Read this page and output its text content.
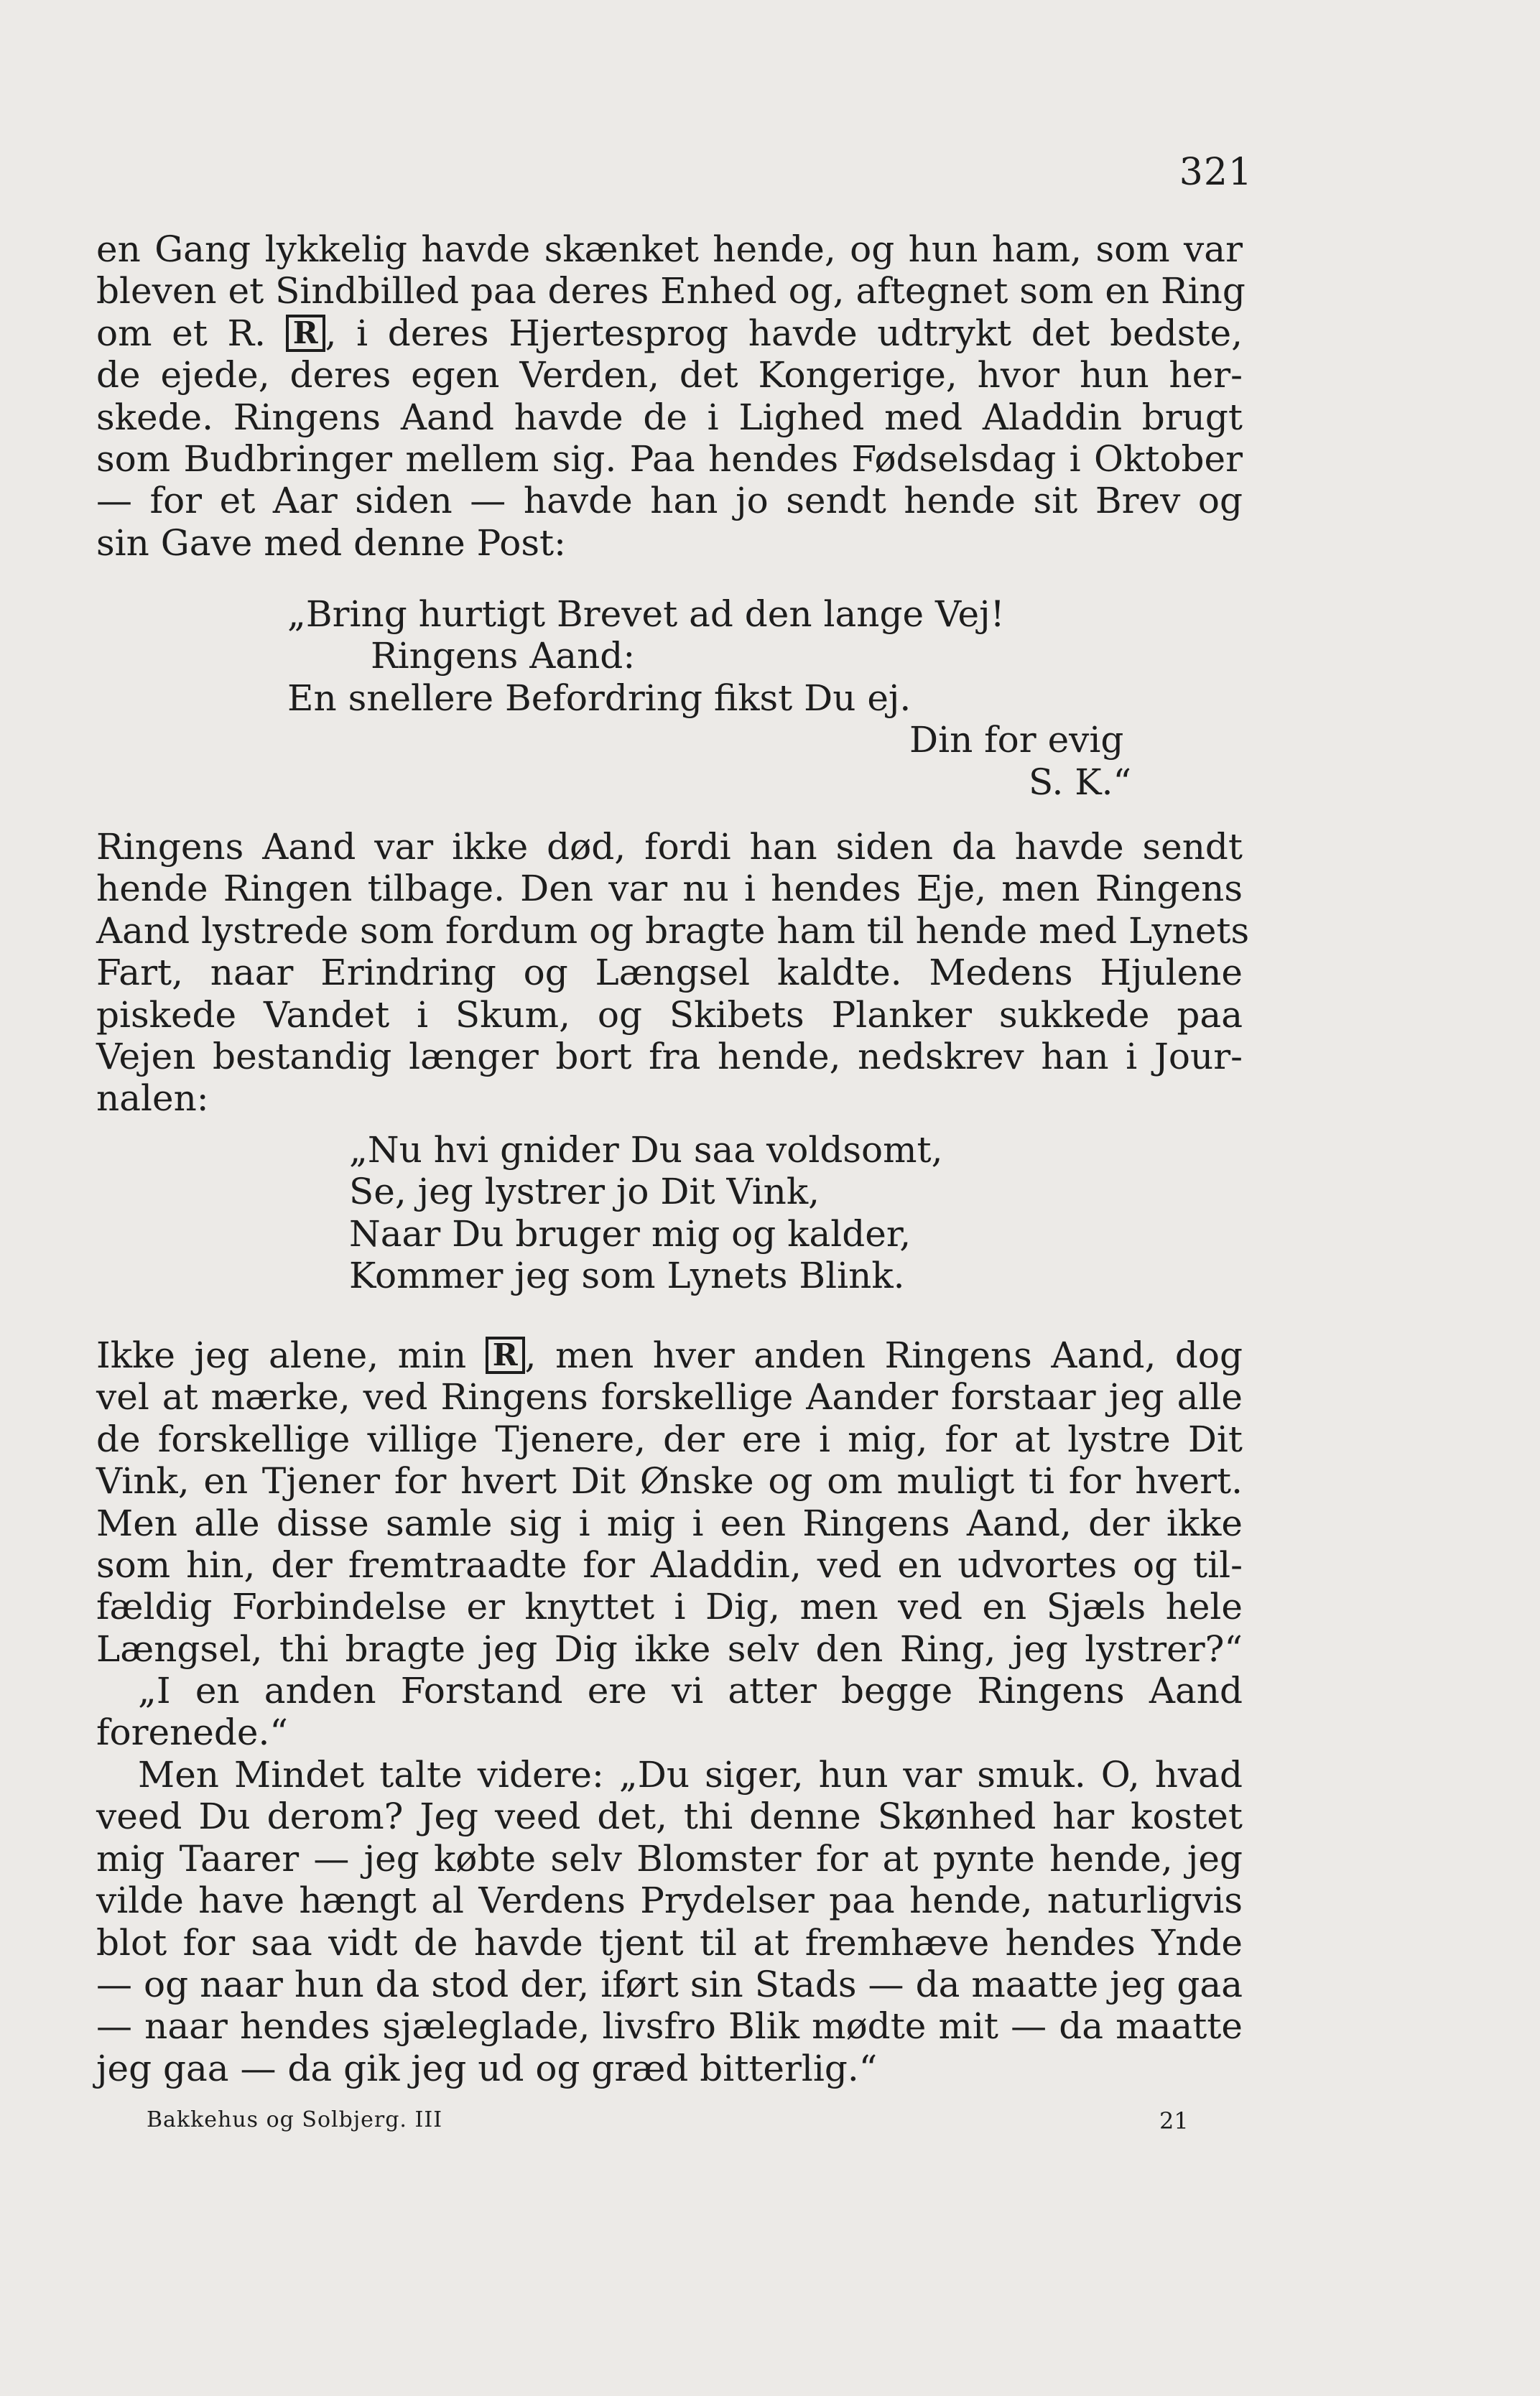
321
en Gang lykkelig havde skænket hende, og hun ham, som var
bleven et Sindbilled paa deres Enhed og, aftegnet som en Ring
om et R. R , i deres Hjertesprog havde udtrykt det bedste,
de ejede, deres egen Verden, det Kongerige, hvor hun her-
skede. Ringens Aand havde de i Lighed med Aladdin brugt
som Budbringer mellem sig. Paa hendes Fødselsdag i Oktober
— for et Aar siden — havde han jo sendt hende sit Brev og
sin Gave med denne Post:
„Bring hurtigt Brevet ad den lange Vej!
Ringens Aand:
En snellere Befordring fikst Du ej.
Din for evig
S. K.“
Ringens Aand var ikke død, fordi han siden da havde sendt
hende Ringen tilbage. Den var nu i hendes Eje, men Ringens
Aand lystrede som fordum og bragte ham til hende med Lynets
Fart, naar Erindring og Længsel kaldte. Medens Hjulene
piskede Vandet i Skum, og Skibets Planker sukkede paa
Vejen bestandig længer bort fra hende, nedskrev han i Jour-
nalen:
„Nu hvi gnider Du saa voldsomt,
Se, jeg lystrer jo Dit Vink,
Naar Du bruger mig og kalder,
Kommer jeg som Lynets Blink.
Ikke jeg alene, min R , men hver anden Ringens Aand, dog
vel at mærke, ved Ringens forskellige Aander forstaar jeg alle
de forskellige villige Tjenere, der ere i mig, for at lystre Dit
Vink, en Tjener for hvert Dit Ønske og om muligt ti for hvert.
Men alle disse samle sig i mig i een Ringens Aand, der ikke
som hin, der fremtraadte for Aladdin, ved en udvortes og til-
fældig Forbindelse er knyttet i Dig, men ved en Sjæls hele
Længsel, thi bragte jeg Dig ikke selv den Ring, jeg lystrer?“
„I en anden Forstand ere vi atter begge Ringens Aand
forenede.“
Men Mindet talte videre: „Du siger, hun var smuk. O, hvad
veed Du derom? Jeg veed det, thi denne Skønhed har kostet
mig Taarer — jeg købte selv Blomster for at pynte hende, jeg
vilde have hængt al Verdens Prydelser paa hende, naturligvis
blot for saa vidt de havde tjent til at fremhæve hendes Ynde
— og naar hun da stod der, iført sin Stads — da maatte jeg gaa
— naar hendes sjæleglade, livsfro Blik mødte mit — da maatte
jeg gaa — da gik jeg ud og græd bitterlig.“
Bakkehus og Solbjerg. III	21
